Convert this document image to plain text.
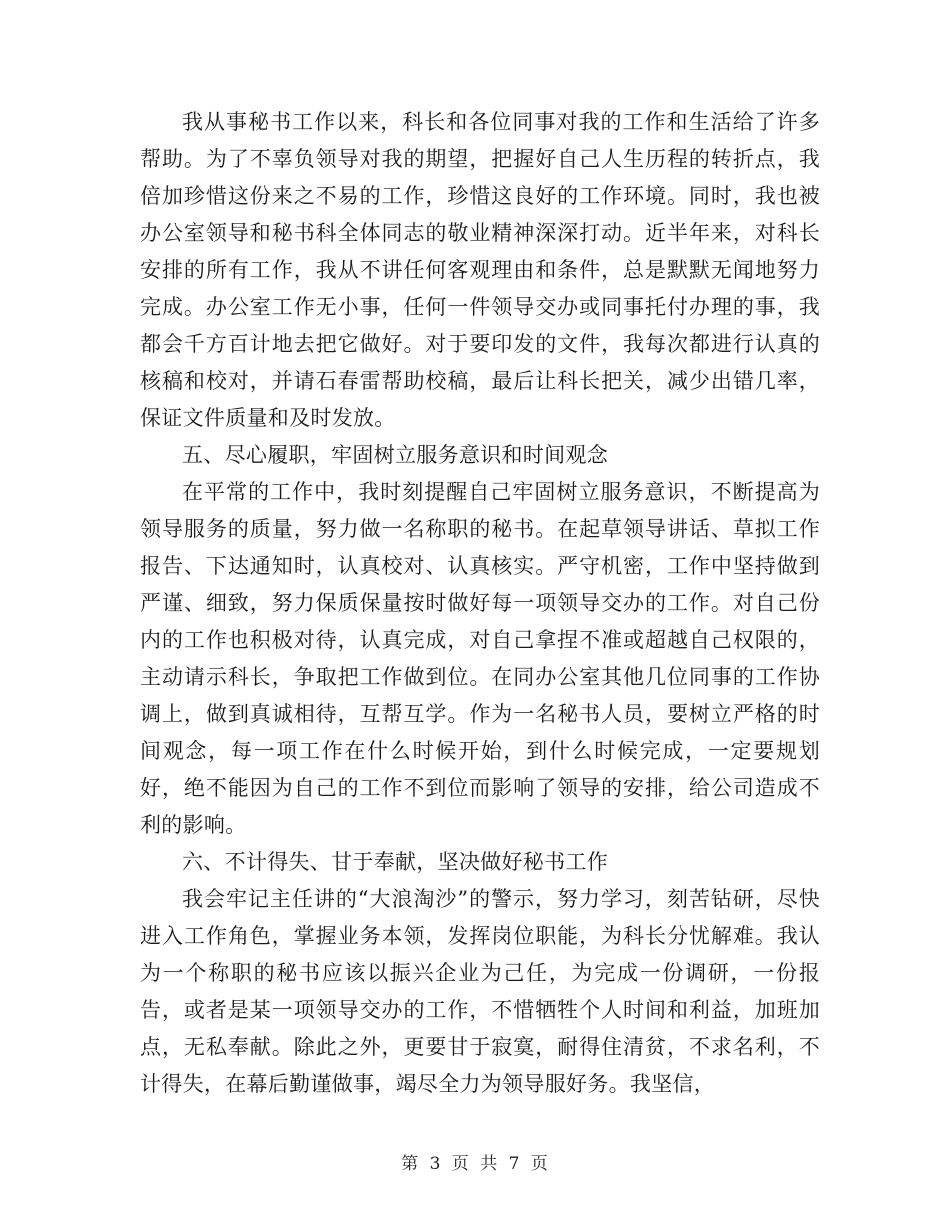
我从事秘书工作以来，科长和各位同事对我的工作和生活给了许多帮助。为了不辜负领导对我的期望，把握好自己人生历程的转折点，我倍加珍惜这份来之不易的工作，珍惜这良好的工作环境。同时，我也被办公室领导和秘书科全体同志的敬业精神深深打动。近半年来，对科长安排的所有工作，我从不讲任何客观理由和条件，总是默默无闻地努力完成。办公室工作无小事，任何一件领导交办或同事托付办理的事，我都会千方百计地去把它做好。对于要印发的文件，我每次都进行认真的核稿和校对，并请石春雷帮助校稿，最后让科长把关，减少出错几率，保证文件质量和及时发放。

五、尽心履职，牢固树立服务意识和时间观念

在平常的工作中，我时刻提醒自己牢固树立服务意识，不断提高为领导服务的质量，努力做一名称职的秘书。在起草领导讲话、草拟工作报告、下达通知时，认真校对、认真核实。严守机密，工作中坚持做到严谨、细致，努力保质保量按时做好每一项领导交办的工作。对自己份内的工作也积极对待，认真完成，对自己拿捏不准或超越自己权限的，主动请示科长，争取把工作做到位。在同办公室其他几位同事的工作协调上，做到真诚相待，互帮互学。作为一名秘书人员，要树立严格的时间观念，每一项工作在什么时候开始，到什么时候完成，一定要规划好，绝不能因为自己的工作不到位而影响了领导的安排，给公司造成不利的影响。

六、不计得失、甘于奉献，坚决做好秘书工作

我会牢记主任讲的“大浪淘沙”的警示，努力学习，刻苦钻研，尽快进入工作角色，掌握业务本领，发挥岗位职能，为科长分忧解难。我认为一个称职的秘书应该以振兴企业为己任，为完成一份调研，一份报告，或者是某一项领导交办的工作，不惜牺牲个人时间和利益，加班加点，无私奉献。除此之外，更要甘于寂寞，耐得住清贫，不求名利，不计得失，在幕后勤谨做事，竭尽全力为领导服好务。我坚信，

第 3 页 共 7 页
